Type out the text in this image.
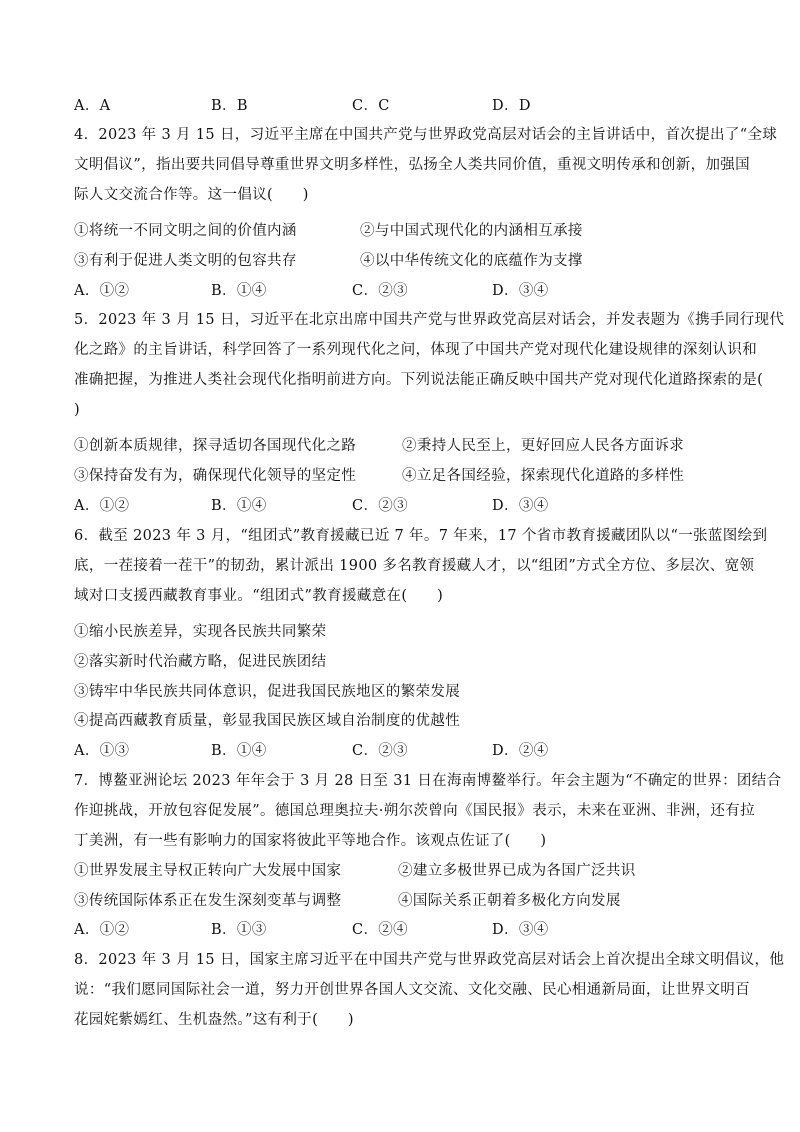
A．A	B．B	C．C	D．D
4．2023 年 3 月 15 日，习近平主席在中国共产党与世界政党高层对话会的主旨讲话中，首次提出了“全球
文明倡议”，指出要共同倡导尊重世界文明多样性，弘扬全人类共同价值，重视文明传承和创新，加强国
际人文交流合作等。这一倡议(　　)
①将统一不同文明之间的价值内涵	②与中国式现代化的内涵相互承接
③有利于促进人类文明的包容共存	④以中华传统文化的底蕴作为支撑
A．①②	B．①④	C．②③	D．③④
5．2023 年 3 月 15 日，习近平在北京出席中国共产党与世界政党高层对话会，并发表题为《携手同行现代
化之路》的主旨讲话，科学回答了一系列现代化之问，体现了中国共产党对现代化建设规律的深刻认识和
准确把握，为推进人类社会现代化指明前进方向。下列说法能正确反映中国共产党对现代化道路探索的是(
)
①创新本质规律，探寻适切各国现代化之路	②秉持人民至上，更好回应人民各方面诉求
③保持奋发有为，确保现代化领导的坚定性	④立足各国经验，探索现代化道路的多样性
A．①②	B．①④	C．②③	D．③④
6．截至 2023 年 3 月，“组团式”教育援藏已近 7 年。7 年来，17 个省市教育援藏团队以“一张蓝图绘到
底，一茬接着一茬干”的韧劲，累计派出 1900 多名教育援藏人才，以“组团”方式全方位、多层次、宽领
域对口支援西藏教育事业。“组团式”教育援藏意在(　　)
①缩小民族差异，实现各民族共同繁荣
②落实新时代治藏方略，促进民族团结
③铸牢中华民族共同体意识，促进我国民族地区的繁荣发展
④提高西藏教育质量，彰显我国民族区域自治制度的优越性
A．①③	B．①④	C．②③	D．②④
7．博鳌亚洲论坛 2023 年年会于 3 月 28 日至 31 日在海南博鳌举行。年会主题为“不确定的世界：团结合
作迎挑战，开放包容促发展”。德国总理奥拉夫·朔尔茨曾向《国民报》表示，未来在亚洲、非洲，还有拉
丁美洲，有一些有影响力的国家将彼此平等地合作。该观点佐证了(　　)
①世界发展主导权正转向广大发展中国家	②建立多极世界已成为各国广泛共识
③传统国际体系正在发生深刻变革与调整	④国际关系正朝着多极化方向发展
A．①②	B．①③	C．②④	D．③④
8．2023 年 3 月 15 日，国家主席习近平在中国共产党与世界政党高层对话会上首次提出全球文明倡议，他
说：“我们愿同国际社会一道，努力开创世界各国人文交流、文化交融、民心相通新局面，让世界文明百
花园姹紫嫣红、生机盎然。”这有利于(　　)
